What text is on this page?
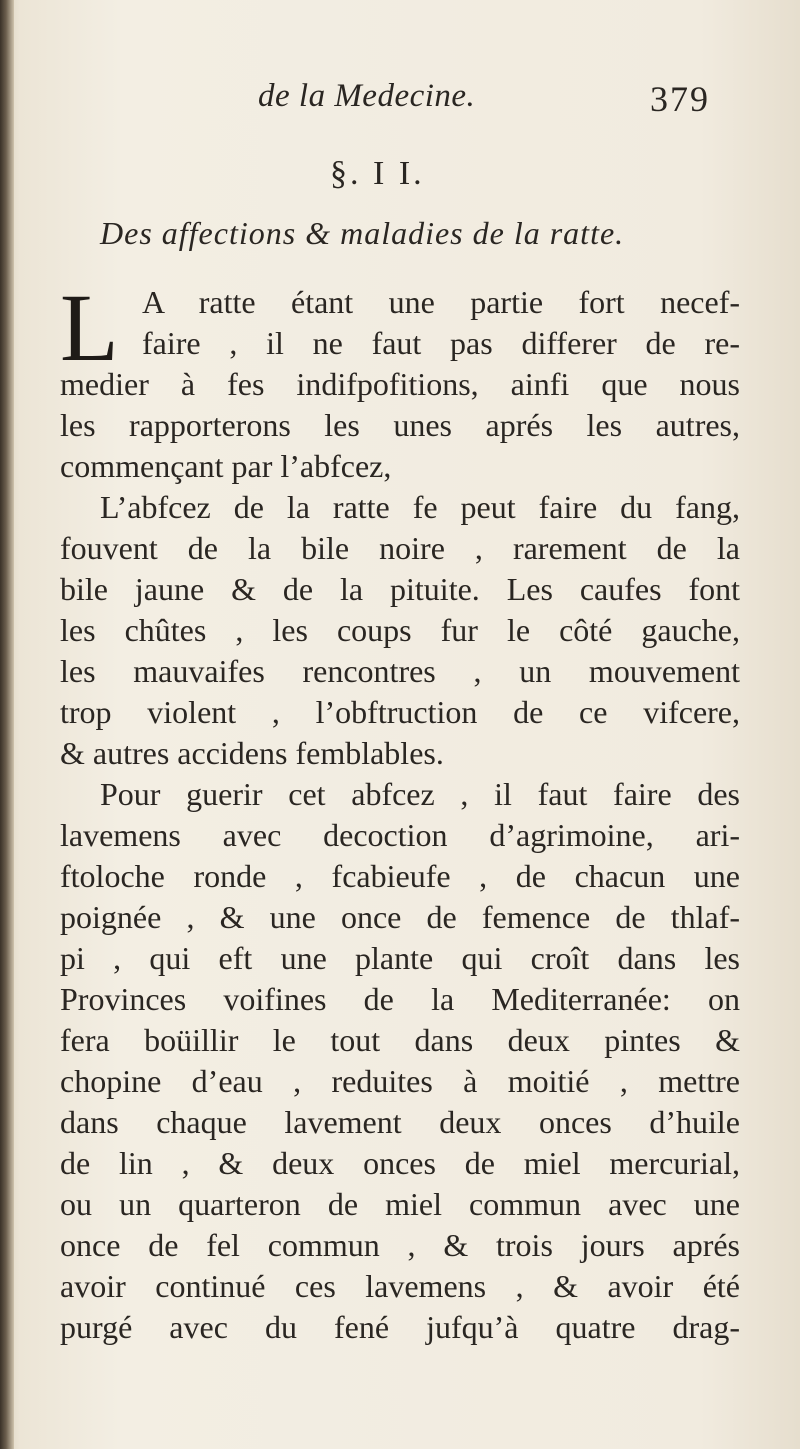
de la Medecine.	379
§. I I.
Des affections & maladies de la ratte.
L A ratte étant une partie fort necef-
faire , il ne faut pas differer de re-
medier à fes indifpofitions, ainfi que nous
les rapporterons les unes aprés les autres,
commençant par l’abfcez,
L’abfcez de la ratte fe peut faire du fang,
fouvent de la bile noire , rarement de la
bile jaune & de la pituite. Les caufes font
les chûtes , les coups fur le côté gauche,
les mauvaifes rencontres , un mouvement
trop violent , l’obftruction de ce vifcere,
& autres accidens femblables.
Pour guerir cet abfcez , il faut faire des
lavemens avec decoction d’agrimoine, ari-
ftoloche ronde , fcabieufe , de chacun une
poignée , & une once de femence de thlaf-
pi , qui eft une plante qui croît dans les
Provinces voifines de la Mediterranée: on
fera boüillir le tout dans deux pintes &
chopine d’eau , reduites à moitié , mettre
dans chaque lavement deux onces d’huile
de lin , & deux onces de miel mercurial,
ou un quarteron de miel commun avec une
once de fel commun , & trois jours aprés
avoir continué ces lavemens , & avoir été
purgé avec du fené jufqu’à quatre drag-
